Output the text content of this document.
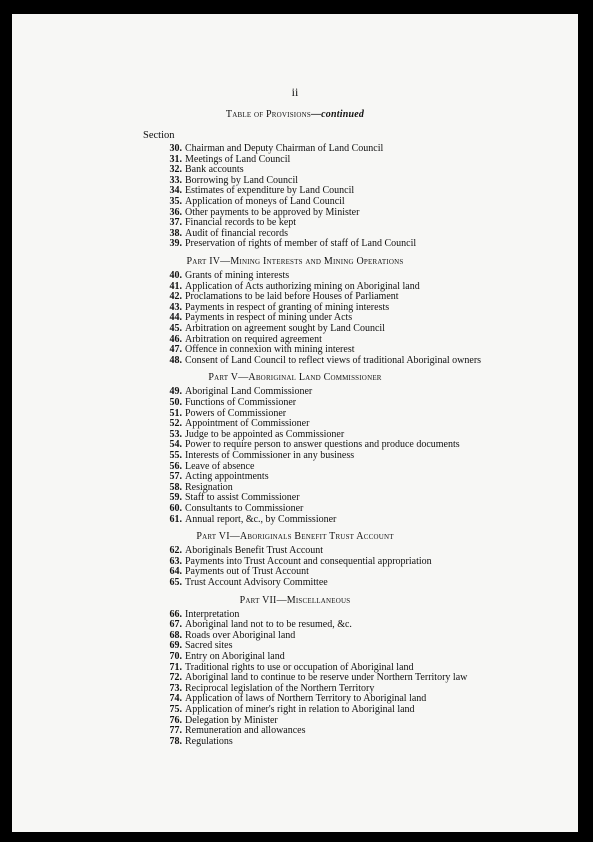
ii
Table of Provisions—continued
Section
30. Chairman and Deputy Chairman of Land Council
31. Meetings of Land Council
32. Bank accounts
33. Borrowing by Land Council
34. Estimates of expenditure by Land Council
35. Application of moneys of Land Council
36. Other payments to be approved by Minister
37. Financial records to be kept
38. Audit of financial records
39. Preservation of rights of member of staff of Land Council
Part IV—Mining Interests and Mining Operations
40. Grants of mining interests
41. Application of Acts authorizing mining on Aboriginal land
42. Proclamations to be laid before Houses of Parliament
43. Payments in respect of granting of mining interests
44. Payments in respect of mining under Acts
45. Arbitration on agreement sought by Land Council
46. Arbitration on required agreement
47. Offence in connexion with mining interest
48. Consent of Land Council to reflect views of traditional Aboriginal owners
Part V—Aboriginal Land Commissioner
49. Aboriginal Land Commissioner
50. Functions of Commissioner
51. Powers of Commissioner
52. Appointment of Commissioner
53. Judge to be appointed as Commissioner
54. Power to require person to answer questions and produce documents
55. Interests of Commissioner in any business
56. Leave of absence
57. Acting appointments
58. Resignation
59. Staff to assist Commissioner
60. Consultants to Commissioner
61. Annual report, &c., by Commissioner
Part VI—Aboriginals Benefit Trust Account
62. Aboriginals Benefit Trust Account
63. Payments into Trust Account and consequential appropriation
64. Payments out of Trust Account
65. Trust Account Advisory Committee
Part VII—Miscellaneous
66. Interpretation
67. Aboriginal land not to to be resumed, &c.
68. Roads over Aboriginal land
69. Sacred sites
70. Entry on Aboriginal land
71. Traditional rights to use or occupation of Aboriginal land
72. Aboriginal land to continue to be reserve under Northern Territory law
73. Reciprocal legislation of the Northern Territory
74. Application of laws of Northern Territory to Aboriginal land
75. Application of miner's right in relation to Aboriginal land
76. Delegation by Minister
77. Remuneration and allowances
78. Regulations
